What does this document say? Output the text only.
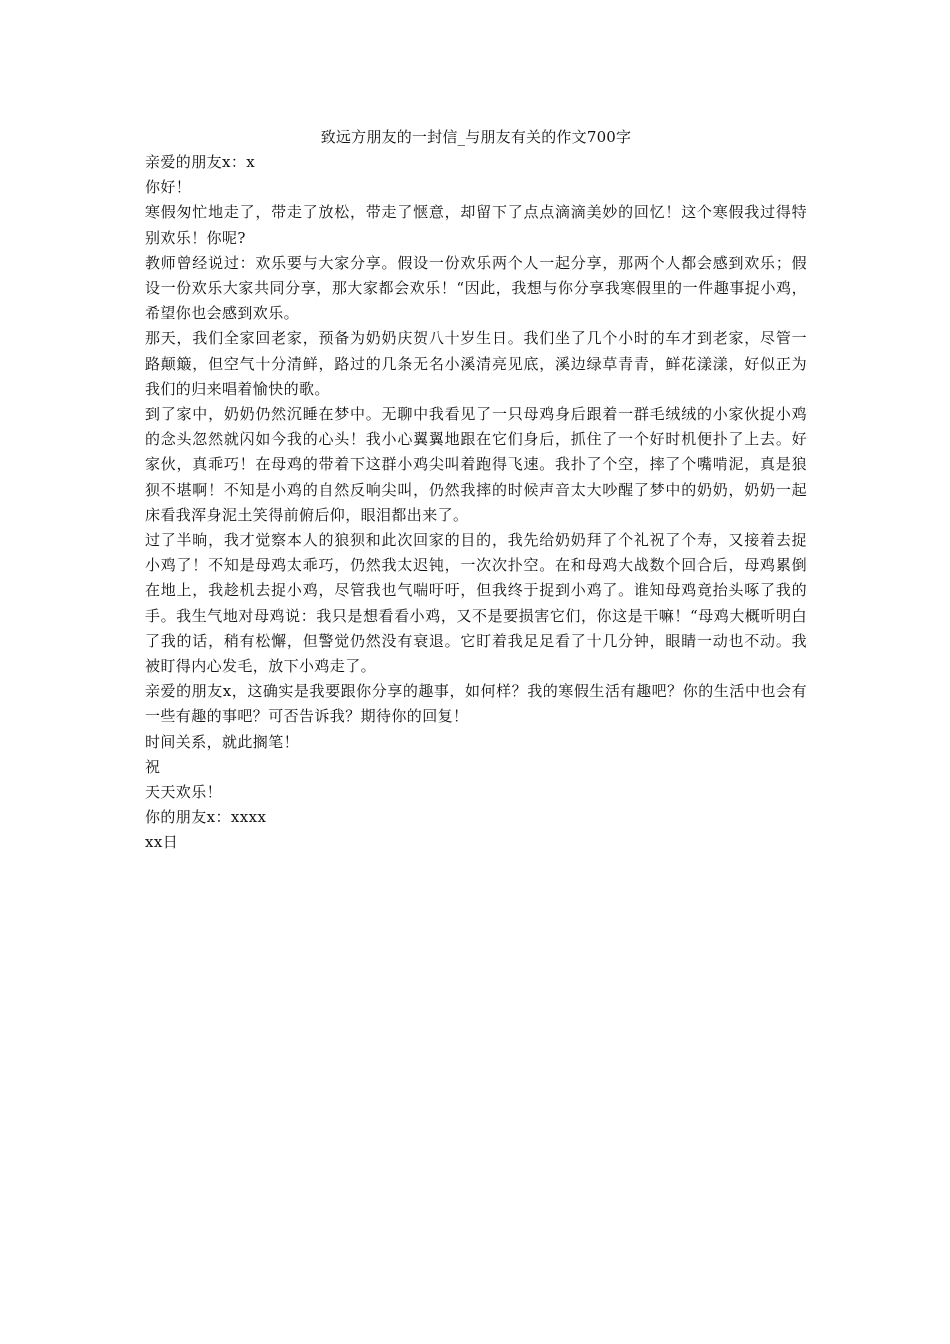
致远方朋友的一封信_与朋友有关的作文700字

亲爱的朋友x：x

你好！

寒假匆忙地走了，带走了放松，带走了惬意，却留下了点点滴滴美妙的回忆！这个寒假我过得特别欢乐！你呢?

教师曾经说过：欢乐要与大家分享。假设一份欢乐两个人一起分享，那两个人都会感到欢乐；假设一份欢乐大家共同分享，那大家都会欢乐！“因此，我想与你分享我寒假里的一件趣事捉小鸡，希望你也会感到欢乐。

那天，我们全家回老家，预备为奶奶庆贺八十岁生日。我们坐了几个小时的车才到老家，尽管一路颠簸，但空气十分清鲜，路过的几条无名小溪清亮见底，溪边绿草青青，鲜花漾漾，好似正为我们的归来唱着愉快的歌。

到了家中，奶奶仍然沉睡在梦中。无聊中我看见了一只母鸡身后跟着一群毛绒绒的小家伙捉小鸡的念头忽然就闪如今我的心头！我小心翼翼地跟在它们身后，抓住了一个好时机便扑了上去。好家伙，真乖巧！在母鸡的带着下这群小鸡尖叫着跑得飞速。我扑了个空，摔了个嘴啃泥，真是狼狈不堪啊！不知是小鸡的自然反响尖叫，仍然我摔的时候声音太大吵醒了梦中的奶奶，奶奶一起床看我浑身泥土笑得前俯后仰，眼泪都出来了。

过了半晌，我才觉察本人的狼狈和此次回家的目的，我先给奶奶拜了个礼祝了个寿，又接着去捉小鸡了！不知是母鸡太乖巧，仍然我太迟钝，一次次扑空。在和母鸡大战数个回合后，母鸡累倒在地上，我趁机去捉小鸡，尽管我也气喘吁吁，但我终于捉到小鸡了。谁知母鸡竟抬头啄了我的手。我生气地对母鸡说：我只是想看看小鸡，又不是要损害它们，你这是干嘛！“母鸡大概听明白了我的话，稍有松懈，但警觉仍然没有衰退。它盯着我足足看了十几分钟，眼睛一动也不动。我被盯得内心发毛，放下小鸡走了。

亲爱的朋友x，这确实是我要跟你分享的趣事，如何样？我的寒假生活有趣吧？你的生活中也会有一些有趣的事吧？可否告诉我？期待你的回复！

时间关系，就此搁笔！

祝

天天欢乐！

你的朋友x：xxxx

xx日
